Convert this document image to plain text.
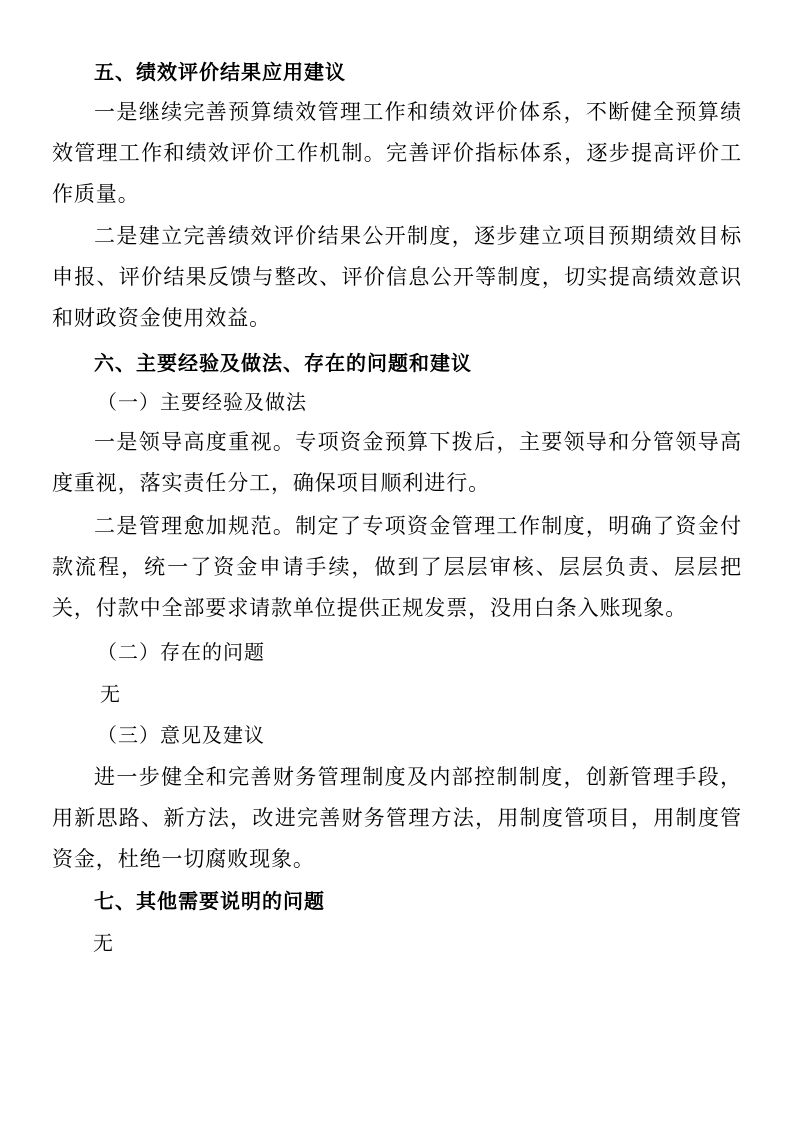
五、绩效评价结果应用建议

一是继续完善预算绩效管理工作和绩效评价体系，不断健全预算绩效管理工作和绩效评价工作机制。完善评价指标体系，逐步提高评价工作质量。

二是建立完善绩效评价结果公开制度，逐步建立项目预期绩效目标申报、评价结果反馈与整改、评价信息公开等制度，切实提高绩效意识和财政资金使用效益。

六、主要经验及做法、存在的问题和建议
（一）主要经验及做法

一是领导高度重视。专项资金预算下拨后，主要领导和分管领导高度重视，落实责任分工，确保项目顺利进行。

二是管理愈加规范。制定了专项资金管理工作制度，明确了资金付款流程，统一了资金申请手续，做到了层层审核、层层负责、层层把关，付款中全部要求请款单位提供正规发票，没用白条入账现象。

（二）存在的问题
无
（三）意见及建议

进一步健全和完善财务管理制度及内部控制制度，创新管理手段，用新思路、新方法，改进完善财务管理方法，用制度管项目，用制度管资金，杜绝一切腐败现象。

七、其他需要说明的问题
无
